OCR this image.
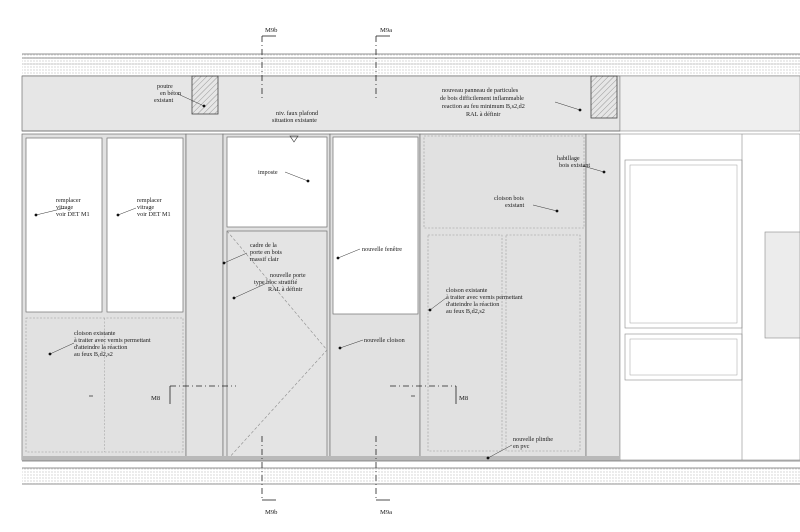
M9b	M9a
M9b	M9a
M8	M8
poutre en béton existant
niv. faux plafond situation existante
nouveau panneau de particules de bois difficilement inflammable reaction au feu minimum B,s2,d2 RAL à définir
remplacer vitrage voir DET M1
remplacer vitrage voir DET M1
imposte
habillage bois existant
cloison bois existant
cadre de la porte en bois massif clair
nouvelle porte type bloc stratifié RAL à définir
nouvelle fenêtre
cloison existante à traiter avec vernis permettant d'atteindre la réaction au feux B,d2,s2
cloison existante à traiter avec vernis permettant d'atteindre la réaction au feux B,d2,s2
nouvelle cloison
nouvelle plinthe en pvc
